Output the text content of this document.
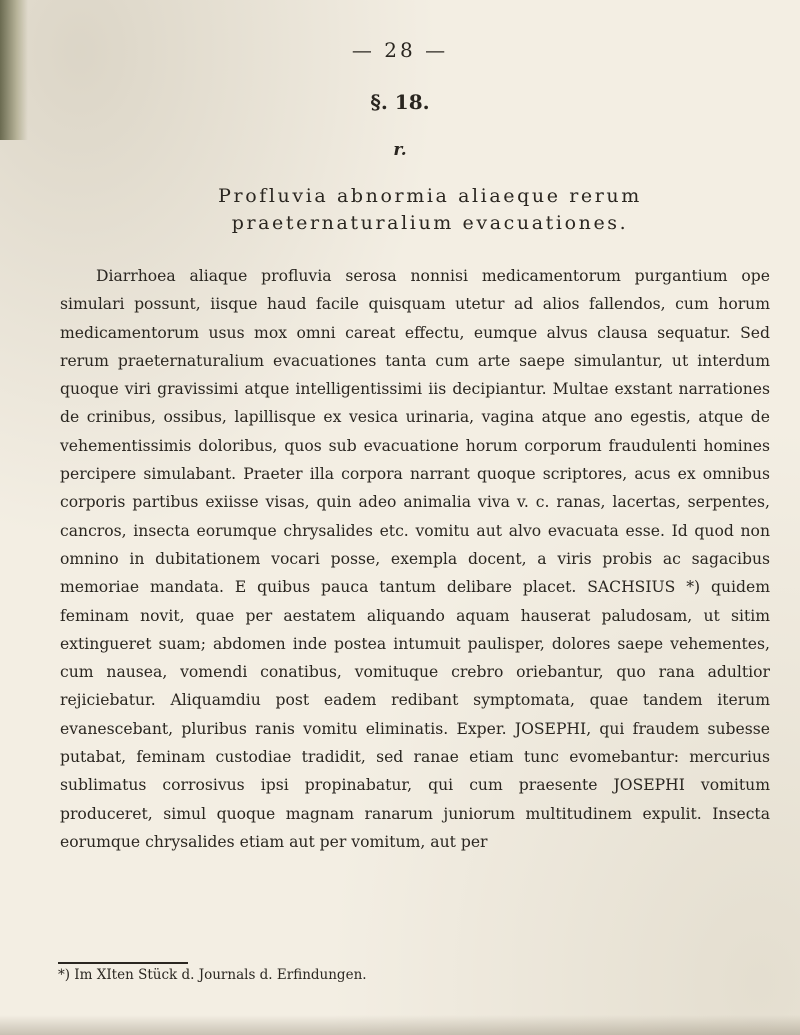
— 28 —
§. 18.
r.
Profluvia abnormia aliaeque rerum praeternaturalium evacuationes.

Diarrhoea aliaque profluvia serosa nonnisi medicamentorum purgantium ope simulari possunt, iisque haud facile quisquam utetur ad alios fallendos, cum horum medicamentorum usus mox omni careat effectu, eumque alvus clausa sequatur. Sed rerum praeternaturalium evacuationes tanta cum arte saepe simulantur, ut interdum quoque viri gravissimi atque intelligentissimi iis decipiantur. Multae exstant narrationes de crinibus, ossibus, lapillisque ex vesica urinaria, vagina atque ano egestis, atque de vehementissimis doloribus, quos sub evacuatione horum corporum fraudulenti homines percipere simulabant. Praeter illa corpora narrant quoque scriptores, acus ex omnibus corporis partibus exiisse visas, quin adeo animalia viva v. c. ranas, lacertas, serpentes, cancros, insecta eorumque chrysalides etc. vomitu aut alvo evacuata esse. Id quod non omnino in dubitationem vocari posse, exempla docent, a viris probis ac sagacibus memoriae mandata. E quibus pauca tantum delibare placet. SACHSIUS *) quidem feminam novit, quae per aestatem aliquando aquam hauserat paludosam, ut sitim extingueret suam; abdomen inde postea intumuit paulisper, dolores saepe vehementes, cum nausea, vomendi conatibus, vomituque crebro oriebantur, quo rana adultior rejiciebatur. Aliquamdiu post eadem redibant symptomata, quae tandem iterum evanescebant, pluribus ranis vomitu eliminatis. Exper. JOSEPHI, qui fraudem subesse putabat, feminam custodiae tradidit, sed ranae etiam tunc evomebantur: mercurius sublimatus corrosivus ipsi propinabatur, qui cum praesente JOSEPHI vomitum produceret, simul quoque magnam ranarum juniorum multitudinem expulit. Insecta eorumque chrysalides etiam aut per vomitum, aut per

*) Im XIten Stück d. Journals d. Erfindungen.
